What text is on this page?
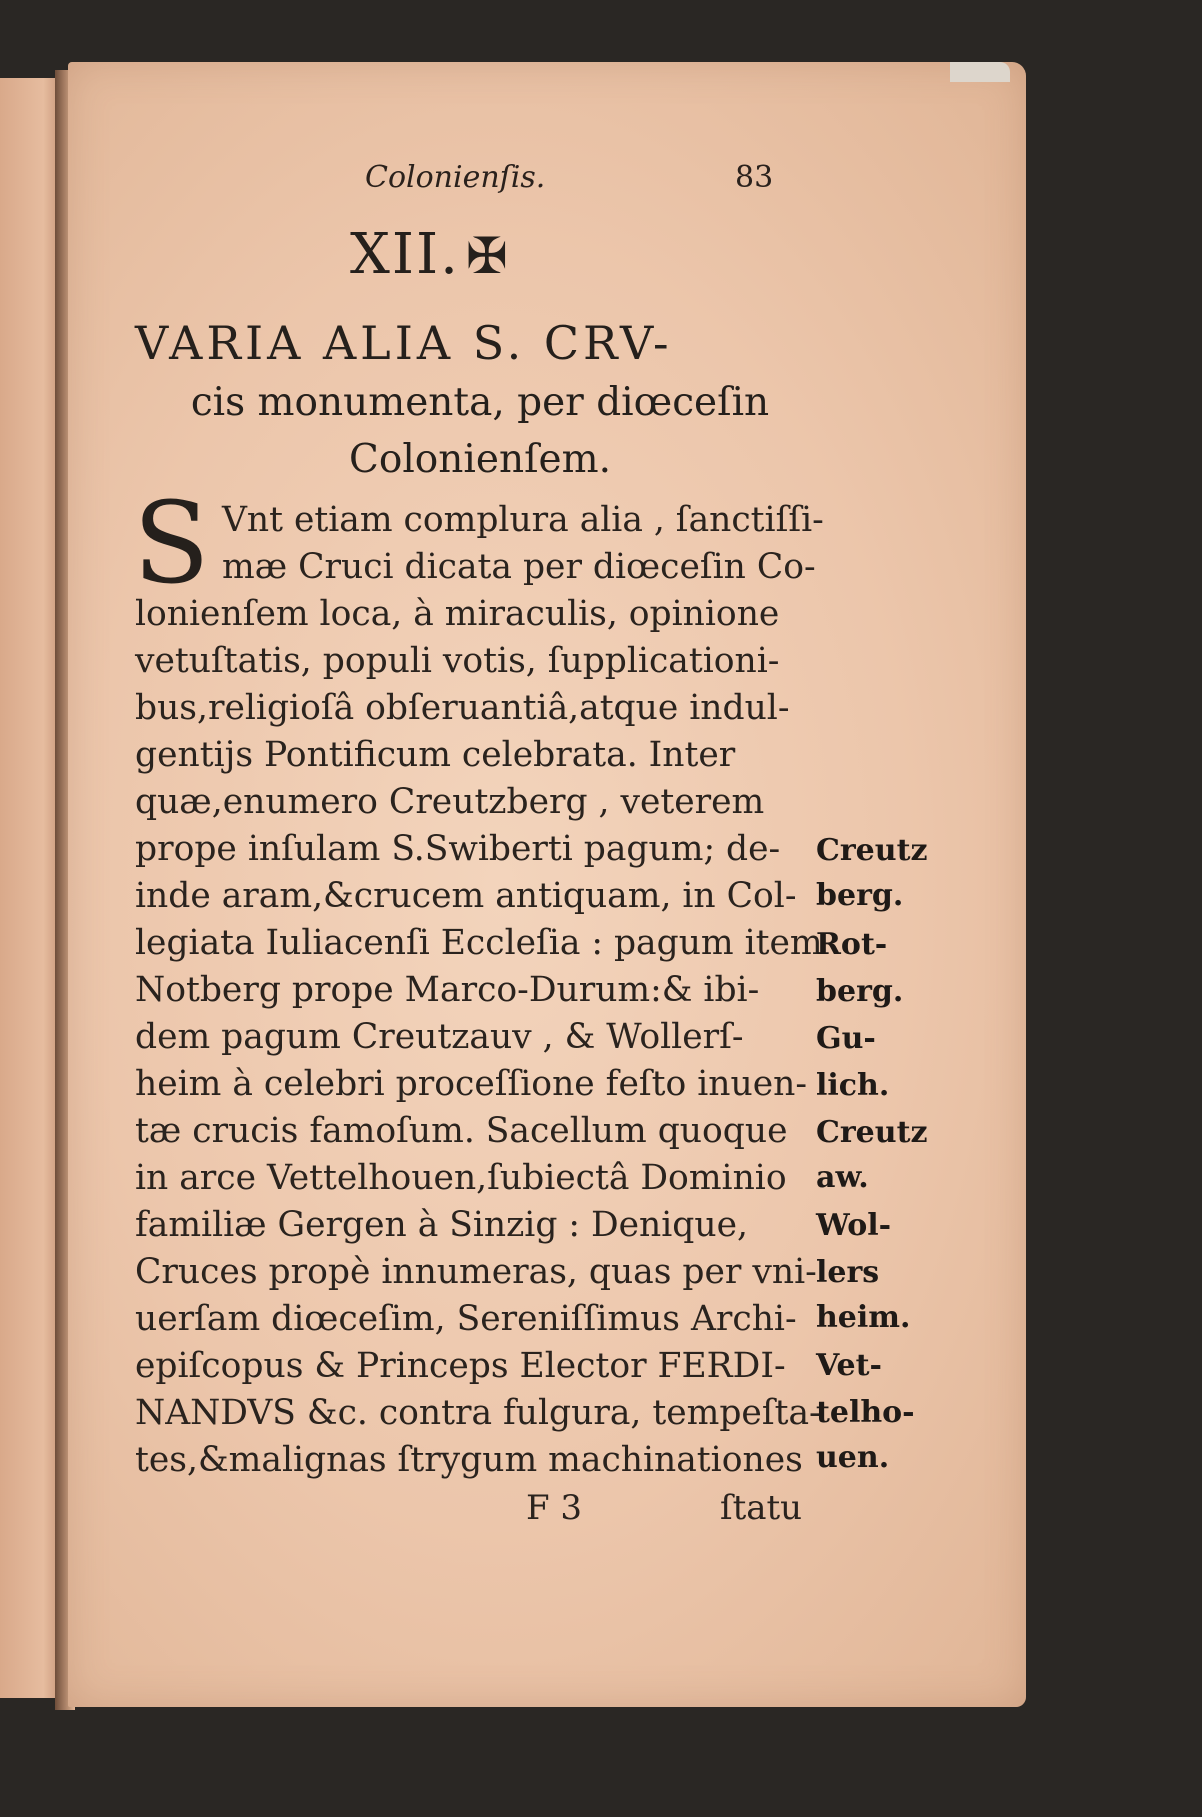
Colonienſis.	83
XII. ✠
VARIA ALIA S. CRV-
cis monumenta, per diœceſin
Colonienſem.
S Vnt etiam complura alia , ſanctiſſi-
mæ Cruci dicata per diœceſin Co-
lonienſem loca, à miraculis, opinione
vetuſtatis, populi votis, ſupplicationi-
bus,religioſâ obſeruantiâ,atque indul-
gentijs Pontificum celebrata. Inter
quæ,enumero Creutzberg , veterem
prope inſulam S.Swiberti pagum; de-
inde aram,&crucem antiquam, in Col-
legiata Iuliacenſi Eccleſia : pagum item
Notberg prope Marco-Durum:& ibi-
dem pagum Creutzauv , & Wollerſ-
heim à celebri proceſſione feſto inuen-
tæ crucis famoſum. Sacellum quoque
in arce Vettelhouen,ſubiectâ Dominio
familiæ Gergen à Sinzig : Denique,
Cruces propè innumeras, quas per vni-
uerſam diœceſim, Sereniſſimus Archi-
epiſcopus & Princeps Elector FERDI-
NANDVS &c. contra fulgura, tempeſta-
tes,&malignas ſtrygum machinationes
F 3	ſtatu
Creutz
berg.
Rot-
berg.
Gu-
lich.
Creutz
aw.
Wol-
lers
heim.
Vet-
telho-
uen.
